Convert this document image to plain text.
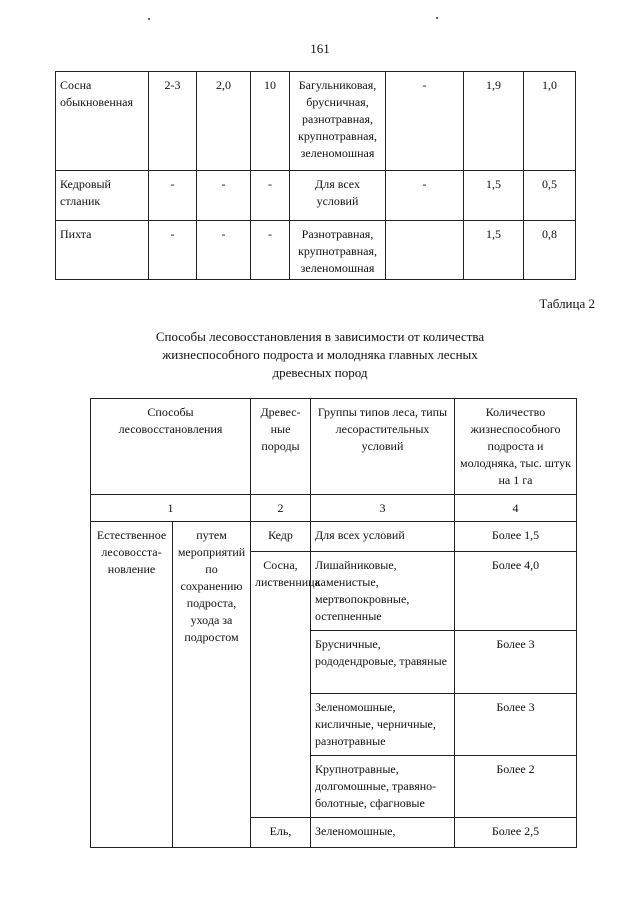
161
Сосна обыкновенная	2-3	2,0	10	Багульниковая, брусничная, разнотравная, крупнотравная, зеленомошная	-	1,9	1,0
Кедровый стланик	-	-	-	Для всех условий	-	1,5	0,5
Пихта	-	-	-	Разнотравная, крупнотравная, зеленомошная		1,5	0,8
Таблица 2
Способы лесовосстановления в зависимости от количества жизнеспособного подроста и молодняка главных лесных древесных пород
Способы лесовосстановления		Древес-ные породы	Группы типов леса, типы лесорастительных условий	Количество жизнеспособного подроста и молодняка, тыс. штук на 1 га
1		2	3	4
Естественное лесовосста-новление	путем мероприятий по сохранению подроста, ухода за подростом	Кедр	Для всех условий	Более 1,5
		Сосна, лиственница	Лишайниковые, каменистые, мертвопокровные, остепненные	Более 4,0
			Брусничные, рододендровые, травяные	Более 3
			Зеленомошные, кисличные, черничные, разнотравные	Более 3
			Крупнотравные, долгомошные, травяно-болотные, сфагновые	Более 2
		Ель,	Зеленомошные,	Более 2,5
